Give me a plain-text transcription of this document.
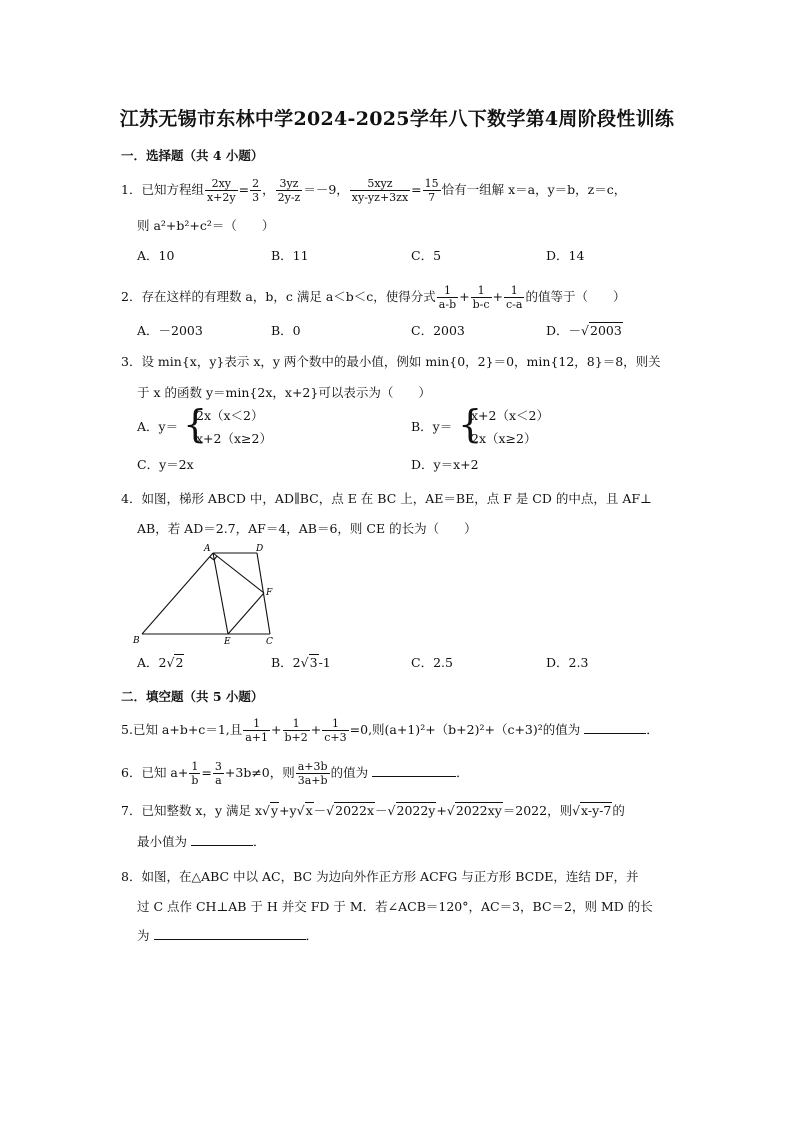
江苏无锡市东林中学2024-2025学年八下数学第4周阶段性训练
一．选择题（共 4 小题）
1．已知方程组 $\frac{2xy}{x+2y} = \frac{2}{3}$ ， $\frac{3yz}{2y-z} =-9$， $\frac{\text{5xyz}}{xy-yz+3zx} = \frac{15}{7}$ 恰有一组解 x＝a，y＝b，z＝c，
则 a²+b²+c²＝（　　）
A．10	B．11	C．5	D．14
2．存在这样的有理数 a，b，c 满足 a＜b＜c，使得分式 $\frac{1}{a-b} + \frac{1}{b-c} + \frac{1}{c-a}$ 的值等于（　　）
A．－2003	B．0	C．2003	D．－√2003
3．设 min{x，y}表示 x，y 两个数中的最小值，例如 min{0，2}＝0，min{12，8}＝8，则关
于 x 的函数 y＝min{2x，x+2}可以表示为（　　）
A．y＝ {
2x（x＜2）
x+2（x≥2）
B．y＝ {
x+2（x＜2）
2x（x≥2）
C．y＝2x	D．y＝x+2
4．如图，梯形 ABCD 中，AD∥BC，点 E 在 BC 上，AE＝BE，点 F 是 CD 的中点，且 AF⊥
AB，若 AD＝2.7，AF＝4，AB＝6，则 CE 的长为（　　）
A	D
B	E	C
F
A．2√2	B．2√3-1	C．2.5	D．2.3
二．填空题（共 5 小题）
5.已知 a+b+c＝1,且 $\frac{1}{a+1} + \frac{1}{b+2} + \frac{1}{c+3} =0$,则(a+1)²+（b+2)²+（c+3)²的值为	．
6．已知 $a+ \frac{1}{b} = \frac{3}{a} +3b\ne 0$，则 $\frac{a+3b}{3a+b}$ 的值为	．
7．已知整数 x，y 满足 x√y+y√x－√2022x－√2022y+√2022xy＝2022，则√x-y-7的
最小值为	．
8．如图，在△ABC 中以 AC，BC 为边向外作正方形 ACFG 与正方形 BCDE，连结 DF，并
过 C 点作 CH⊥AB 于 H 并交 FD 于 M．若∠ACB＝120°，AC＝3，BC＝2，则 MD 的长
为	．
